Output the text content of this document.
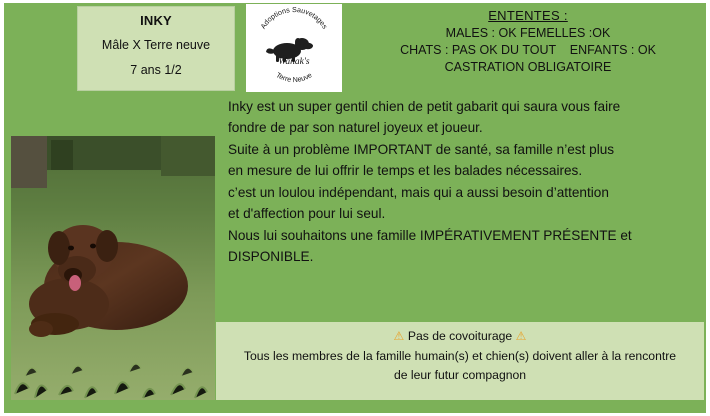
INKY
Mâle X Terre neuve
7 ans 1/2
Adoptions Sauvetages
Terre Neuve
Wanak's
ENTENTES :
MALES : OK FEMELLES :OK
CHATS : PAS OK DU TOUT    ENFANTS : OK
CASTRATION OBLIGATOIRE

Inky est un super gentil chien de petit gabarit qui saura vous faire

fondre de par son naturel joyeux et joueur.

Suite à un problème IMPORTANT de santé, sa famille n’est plus

en mesure de lui offrir le temps et les balades nécessaires.

c’est un loulou indépendant, mais qui a aussi besoin d’attention

et d'affection pour lui seul.

Nous lui souhaitons une famille IMPÉRATIVEMENT PRÉSENTE et

DISPONIBLE.

⚠ Pas de covoiturage ⚠
Tous les membres de la famille humain(s) et chien(s) doivent aller à la rencontre
de leur futur compagnon
